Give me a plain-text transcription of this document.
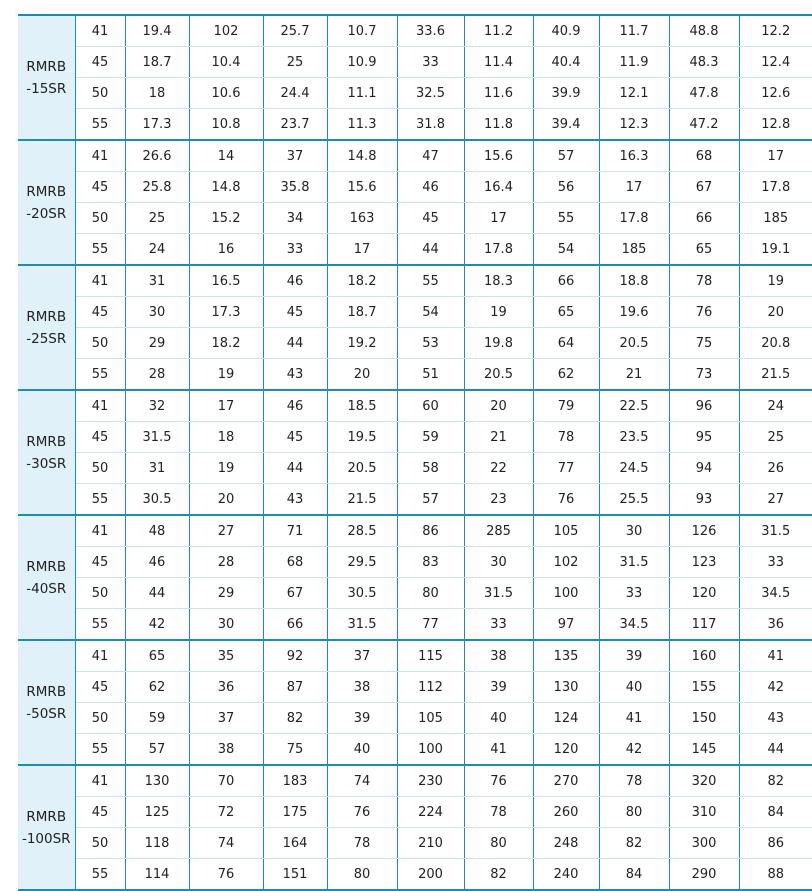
RMRB
-15SR	41	19.4	102	25.7	10.7	33.6	11.2	40.9	11.7	48.8	12.2
	45	18.7	10.4	25	10.9	33	11.4	40.4	11.9	48.3	12.4
	50	18	10.6	24.4	11.1	32.5	11.6	39.9	12.1	47.8	12.6
	55	17.3	10.8	23.7	11.3	31.8	11.8	39.4	12.3	47.2	12.8
RMRB
-20SR	41	26.6	14	37	14.8	47	15.6	57	16.3	68	17
	45	25.8	14.8	35.8	15.6	46	16.4	56	17	67	17.8
	50	25	15.2	34	163	45	17	55	17.8	66	185
	55	24	16	33	17	44	17.8	54	185	65	19.1
RMRB
-25SR	41	31	16.5	46	18.2	55	18.3	66	18.8	78	19
	45	30	17.3	45	18.7	54	19	65	19.6	76	20
	50	29	18.2	44	19.2	53	19.8	64	20.5	75	20.8
	55	28	19	43	20	51	20.5	62	21	73	21.5
RMRB
-30SR	41	32	17	46	18.5	60	20	79	22.5	96	24
	45	31.5	18	45	19.5	59	21	78	23.5	95	25
	50	31	19	44	20.5	58	22	77	24.5	94	26
	55	30.5	20	43	21.5	57	23	76	25.5	93	27
RMRB
-40SR	41	48	27	71	28.5	86	285	105	30	126	31.5
	45	46	28	68	29.5	83	30	102	31.5	123	33
	50	44	29	67	30.5	80	31.5	100	33	120	34.5
	55	42	30	66	31.5	77	33	97	34.5	117	36
RMRB
-50SR	41	65	35	92	37	115	38	135	39	160	41
	45	62	36	87	38	112	39	130	40	155	42
	50	59	37	82	39	105	40	124	41	150	43
	55	57	38	75	40	100	41	120	42	145	44
RMRB
-100SR	41	130	70	183	74	230	76	270	78	320	82
	45	125	72	175	76	224	78	260	80	310	84
	50	118	74	164	78	210	80	248	82	300	86
	55	114	76	151	80	200	82	240	84	290	88
